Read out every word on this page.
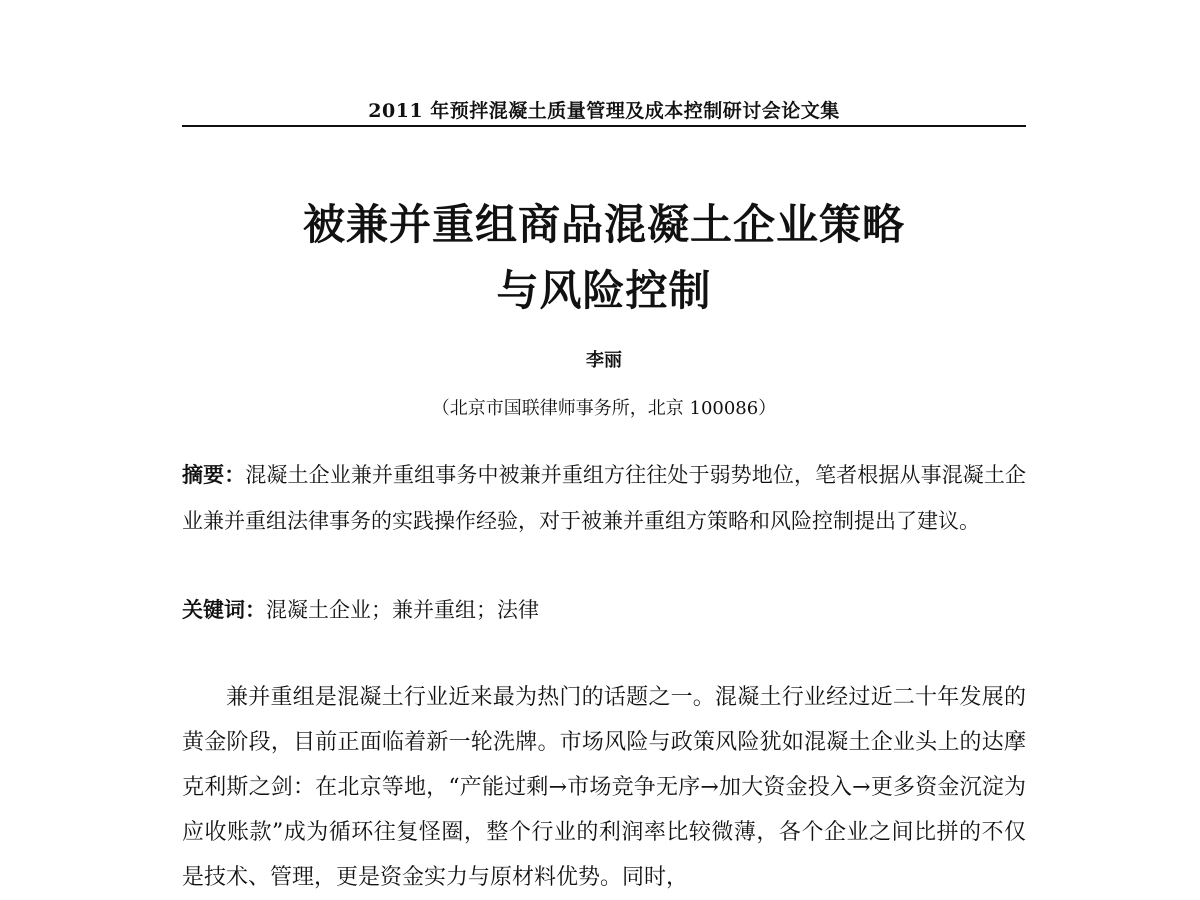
2011 年预拌混凝土质量管理及成本控制研讨会论文集
被兼并重组商品混凝土企业策略
与风险控制
李丽
（北京市国联律师事务所，北京 100086）
摘要：混凝土企业兼并重组事务中被兼并重组方往往处于弱势地位，笔者根据从事混凝土企业兼并重组法律事务的实践操作经验，对于被兼并重组方策略和风险控制提出了建议。
关键词：混凝土企业；兼并重组；法律

兼并重组是混凝土行业近来最为热门的话题之一。混凝土行业经过近二十年发展的黄金阶段，目前正面临着新一轮洗牌。市场风险与政策风险犹如混凝土企业头上的达摩克利斯之剑：在北京等地，“产能过剩→市场竞争无序→加大资金投入→更多资金沉淀为应收账款”成为循环往复怪圈，整个行业的利润率比较微薄，各个企业之间比拼的不仅是技术、管理，更是资金实力与原材料优势。同时，
